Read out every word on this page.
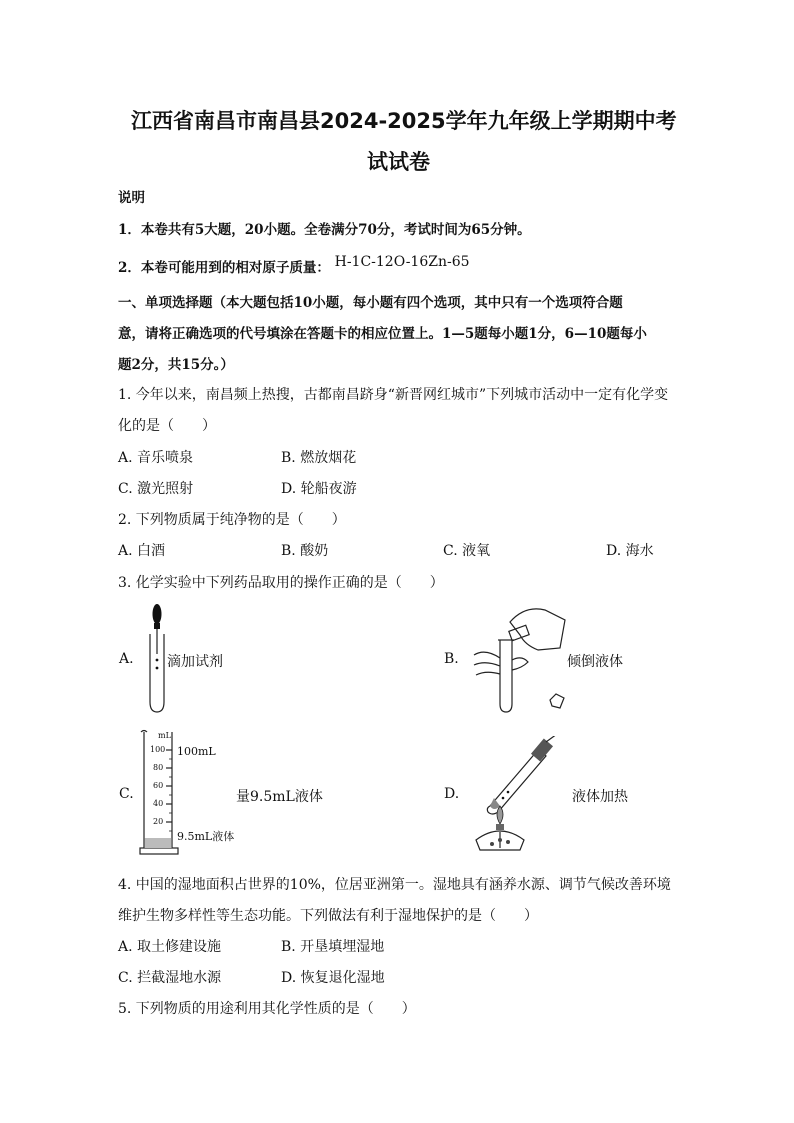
江西省南昌市南昌县2024-2025学年九年级上学期期中考
试试卷
说明
1．本卷共有5大题，20小题。全卷满分70分，考试时间为65分钟。
2．本卷可能用到的相对原子质量： H-1C-12O-16Zn-65
一、单项选择题（本大题包括10小题，每小题有四个选项，其中只有一个选项符合题
意，请将正确选项的代号填涂在答题卡的相应位置上。1—5题每小题1分，6—10题每小
题2分，共15分。）
1. 今年以来，南昌频上热搜，古都南昌跻身“新晋网红城市”下列城市活动中一定有化学变
化的是（　　）
A. 音乐喷泉	B. 燃放烟花
C. 激光照射	D. 轮船夜游
2. 下列物质属于纯净物的是（　　）
A. 白酒	B. 酸奶	C. 液氧	D. 海水
3. 化学实验中下列药品取用的操作正确的是（　　）
A. 滴加试剂	B.	倾倒液体
C.
mL
100
80
60
40
20
100mL
9.5mL液体
量9.5mL液体	D.	液体加热
4. 中国的湿地面积占世界的10%，位居亚洲第一。湿地具有涵养水源、调节气候改善环境
维护生物多样性等生态功能。下列做法有利于湿地保护的是（　　）
A. 取土修建设施	B. 开垦填埋湿地
C. 拦截湿地水源	D. 恢复退化湿地
5. 下列物质的用途利用其化学性质的是（　　）
